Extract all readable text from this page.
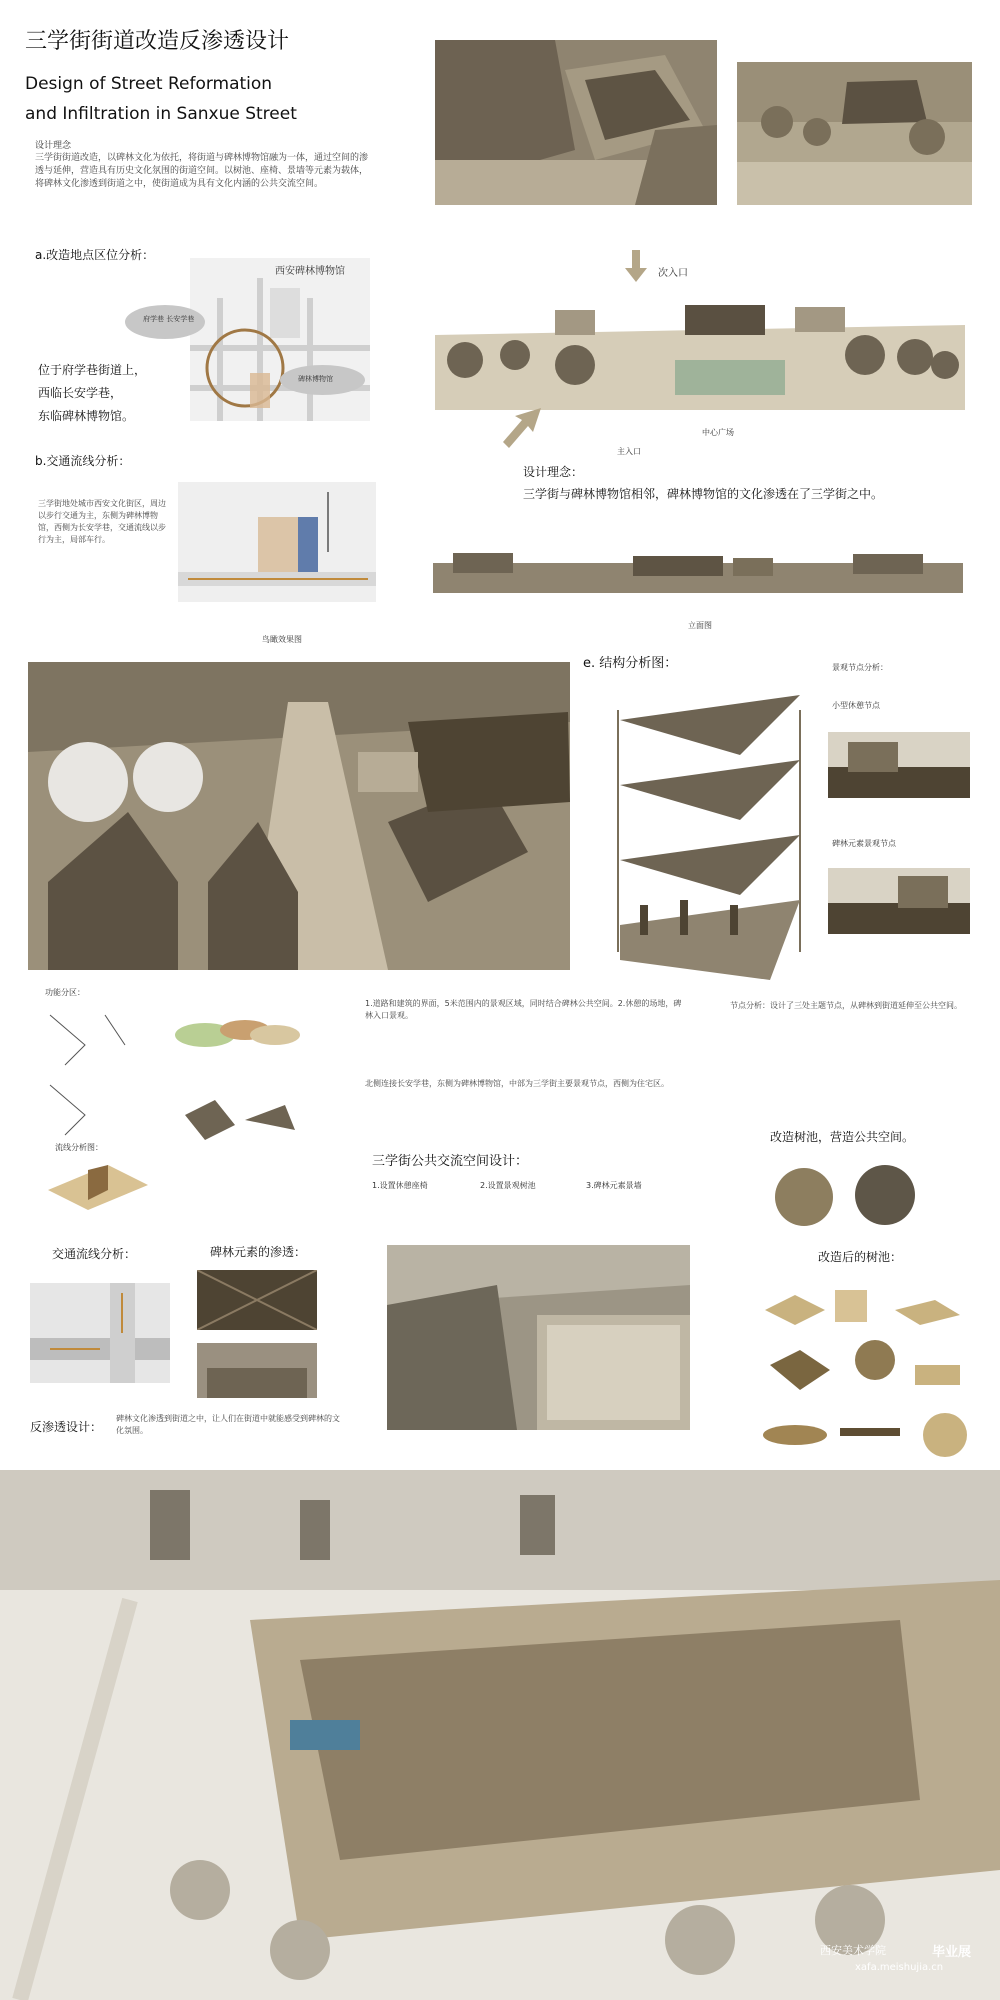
三学街街道改造反渗透设计
Design of Street Reformation
and Infiltration in Sanxue Street
设计理念
三学街街道改造，以碑林文化为依托，将街道与碑林博物馆融为一体，通过空间的渗透与延伸，营造具有历史文化氛围的街道空间。以树池、座椅、景墙等元素为载体，将碑林文化渗透到街道之中，使街道成为具有文化内涵的公共交流空间。
a.改造地点区位分析：
西安碑林博物馆
府学巷 长安学巷
碑林博物馆
位于府学巷街道上，
西临长安学巷，
东临碑林博物馆。
b.交通流线分析：
三学街地处城市西安文化街区，周边以步行交通为主，东侧为碑林博物馆，西侧为长安学巷，交通流线以步行为主，局部车行。
次入口
中心广场
主入口
设计理念：
三学街与碑林博物馆相邻，碑林博物馆的文化渗透在了三学街之中。
立面图
鸟瞰效果图
e. 结构分析图：	景观节点分析：
小型休憩节点
碑林元素景观节点
功能分区：
流线分析图：
1.道路和建筑的界面，5米范围内的景观区域，同时结合碑林公共空间。2.休憩的场地，碑林入口景观。
北侧连接长安学巷，东侧为碑林博物馆，中部为三学街主要景观节点，西侧为住宅区。
节点分析：设计了三处主题节点，从碑林到街道延伸至公共空间。
三学街公共交流空间设计：
1.设置休憩座椅	2.设置景观树池	3.碑林元素景墙
改造树池，营造公共空间。
改造后的树池：
交通流线分析：	碑林元素的渗透：
反渗透设计：
碑林文化渗透到街道之中，让人们在街道中就能感受到碑林的文化氛围。
西安美术学院	毕业展
xafa.meishujia.cn
